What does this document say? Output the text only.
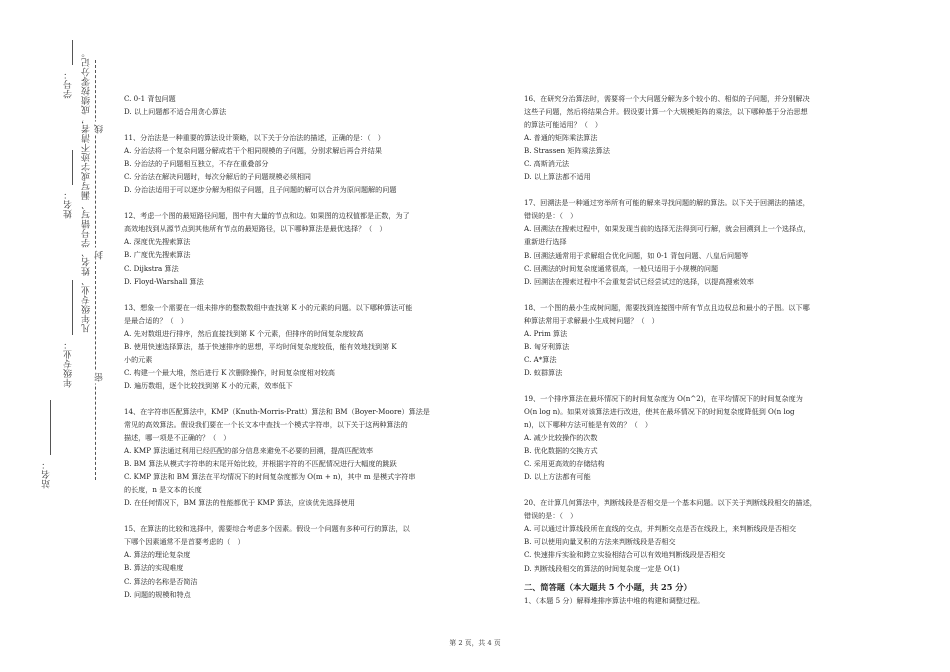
学号： 凡年级专业、姓名、学号错写、漏写或字迹不清者，成绩按零分记。 线
姓名：
封
年级专业： 密
站名：
C. 0-1 背包问题
D. 以上问题都不适合用贪心算法
11、分治法是一种重要的算法设计策略，以下关于分治法的描述，正确的是：（　）
A. 分治法将一个复杂问题分解成若干个相同规模的子问题，分别求解后再合并结果
B. 分治法的子问题相互独立，不存在重叠部分
C. 分治法在解决问题时，每次分解后的子问题规模必须相同
D. 分治法适用于可以逐步分解为相似子问题，且子问题的解可以合并为原问题解的问题
12、考虑一个图的最短路径问题，图中有大量的节点和边。如果图的边权值都是正数，为了
高效地找到从源节点到其他所有节点的最短路径，以下哪种算法是最优选择？（　）
A. 深度优先搜索算法
B. 广度优先搜索算法
C. Dijkstra 算法
D. Floyd-Warshall 算法
13、想象一个需要在一组未排序的整数数组中查找第 K 小的元素的问题。以下哪种算法可能
是最合适的？（　）
A. 先对数组进行排序，然后直接找到第 K 个元素，但排序的时间复杂度较高
B. 使用快速选择算法，基于快速排序的思想，平均时间复杂度较低，能有效地找到第 K
小的元素
C. 构建一个最大堆，然后进行 K 次删除操作，时间复杂度相对较高
D. 遍历数组，逐个比较找到第 K 小的元素，效率低下
14、在字符串匹配算法中，KMP（Knuth-Morris-Pratt）算法和 BM（Boyer-Moore）算法是
常见的高效算法。假设我们要在一个长文本中查找一个模式字符串，以下关于这两种算法的
描述，哪一项是不正确的？（　）
A. KMP 算法通过利用已经匹配的部分信息来避免不必要的回溯，提高匹配效率
B. BM 算法从模式字符串的末尾开始比较，并根据字符的不匹配情况进行大幅度的跳跃
C. KMP 算法和 BM 算法在平均情况下的时间复杂度都为 O(m + n)，其中 m 是模式字符串
的长度，n 是文本的长度
D. 在任何情况下，BM 算法的性能都优于 KMP 算法，应该优先选择使用
15、在算法的比较和选择中，需要综合考虑多个因素。假设一个问题有多种可行的算法，以
下哪个因素通常不是首要考虑的（　）
A. 算法的理论复杂度
B. 算法的实现难度
C. 算法的名称是否简洁
D. 问题的规模和特点
16、在研究分治算法时，需要将一个大问题分解为多个较小的、相似的子问题，并分别解决
这些子问题，然后将结果合并。假设要计算一个大规模矩阵的乘法，以下哪种基于分治思想
的算法可能适用？（　）
A. 普通的矩阵乘法算法
B. Strassen 矩阵乘法算法
C. 高斯消元法
D. 以上算法都不适用
17、回溯法是一种通过穷举所有可能的解来寻找问题的解的算法。以下关于回溯法的描述，
错误的是：（　）
A. 回溯法在搜索过程中，如果发现当前的选择无法得到可行解，就会回溯到上一个选择点，
重新进行选择
B. 回溯法通常用于求解组合优化问题，如 0-1 背包问题、八皇后问题等
C. 回溯法的时间复杂度通常很高，一般只适用于小规模的问题
D. 回溯法在搜索过程中不会重复尝试已经尝试过的选择，以提高搜索效率
18、一个图的最小生成树问题，需要找到连接图中所有节点且边权总和最小的子图。以下哪
种算法常用于求解最小生成树问题？（　）
A. Prim 算法
B. 匈牙利算法
C. A*算法
D. 蚁群算法
19、一个排序算法在最坏情况下的时间复杂度为 O(n^2)，在平均情况下的时间复杂度为
O(n log n)。如果对该算法进行改进，使其在最坏情况下的时间复杂度降低到 O(n log
n)，以下哪种方法可能是有效的？（　）
A. 减少比较操作的次数
B. 优化数据的交换方式
C. 采用更高效的存储结构
D. 以上方法都有可能
20、在计算几何算法中，判断线段是否相交是一个基本问题。以下关于判断线段相交的描述，
错误的是：（　）
A. 可以通过计算线段所在直线的交点，并判断交点是否在线段上，来判断线段是否相交
B. 可以使用向量叉积的方法来判断线段是否相交
C. 快速排斥实验和跨立实验相结合可以有效地判断线段是否相交
D. 判断线段相交的算法的时间复杂度一定是 O(1)
二、简答题（本大题共 5 个小题，共 25 分）
1、（本题 5 分）解释堆排序算法中堆的构建和调整过程。
第 2 页，共 4 页
